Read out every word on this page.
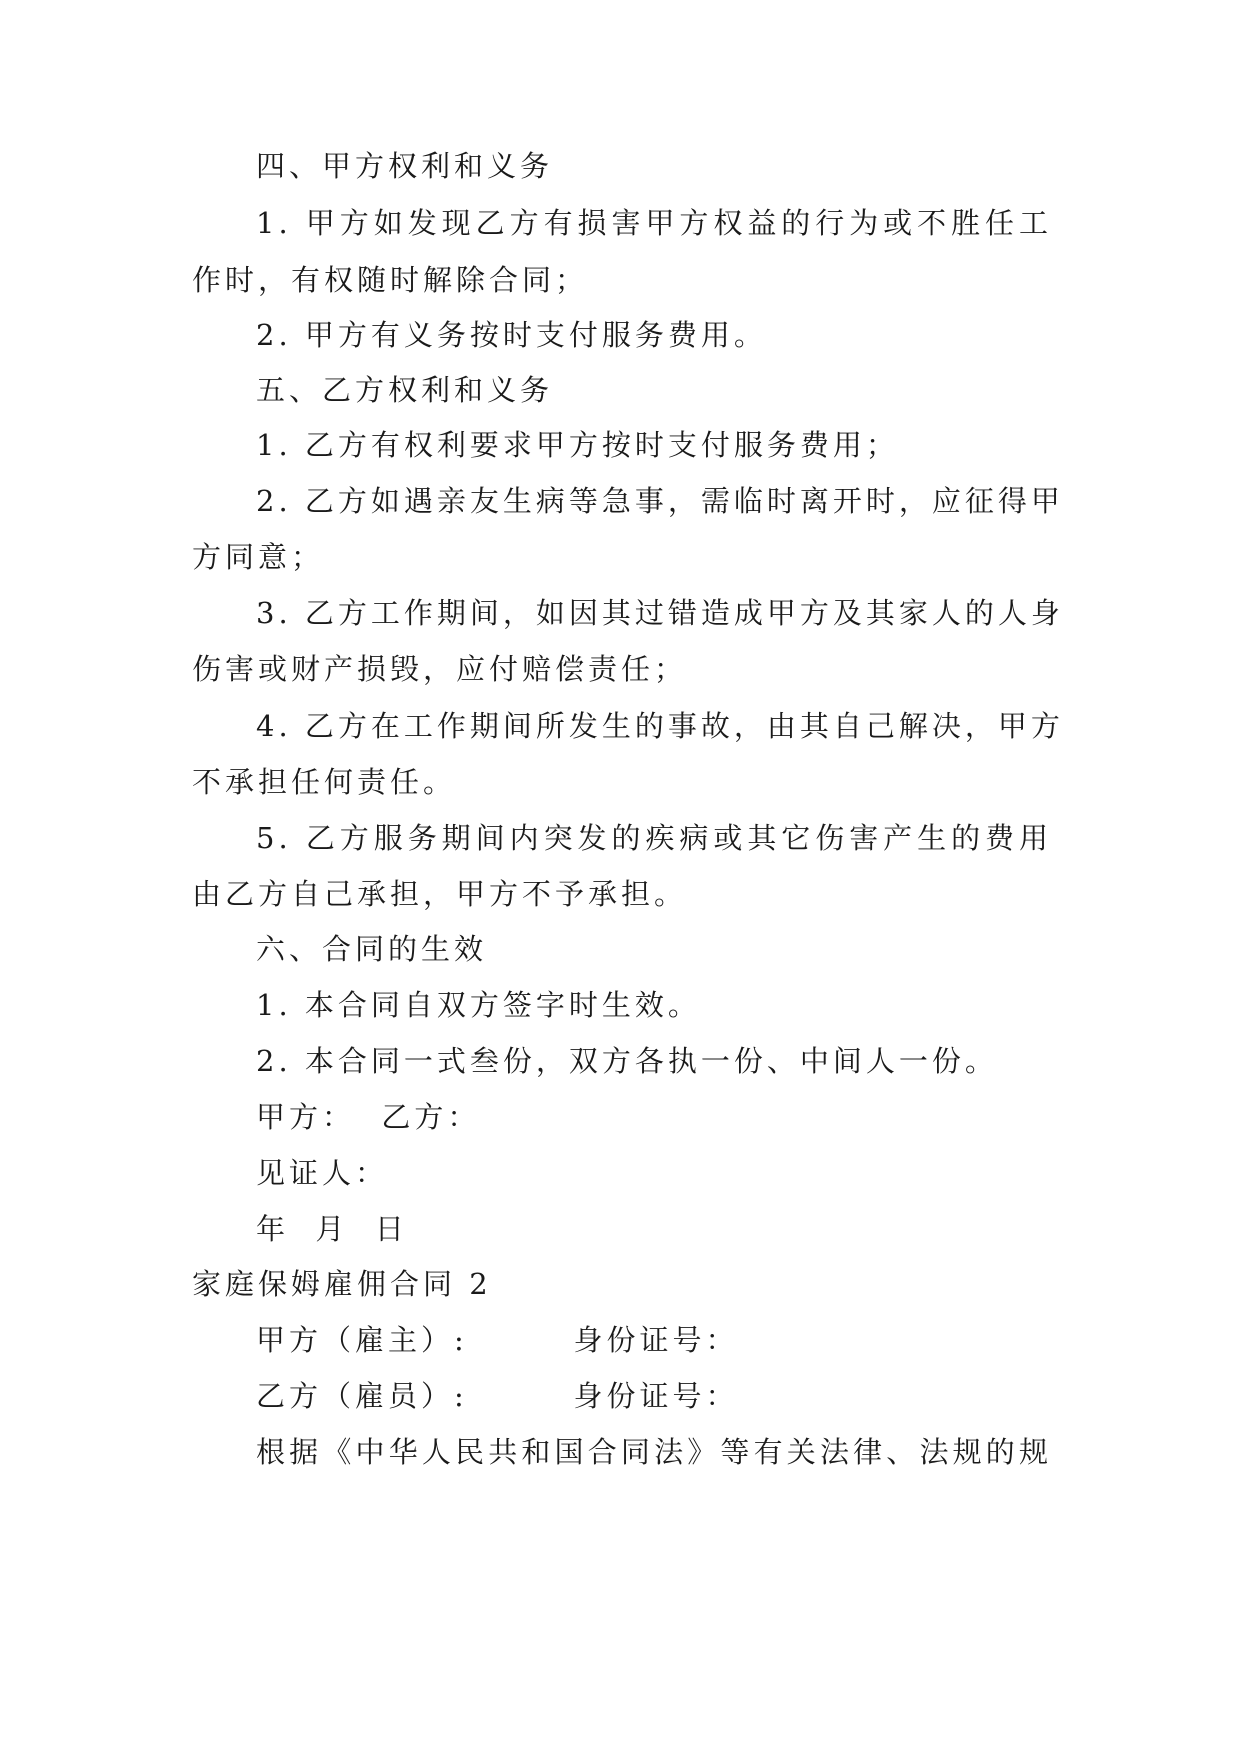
四、甲方权利和义务
1. 甲方如发现乙方有损害甲方权益的行为或不胜任工
作时，有权随时解除合同；
2. 甲方有义务按时支付服务费用。
五、乙方权利和义务
1. 乙方有权利要求甲方按时支付服务费用；
2. 乙方如遇亲友生病等急事，需临时离开时，应征得甲
方同意；
3. 乙方工作期间，如因其过错造成甲方及其家人的人身
伤害或财产损毁，应付赔偿责任；
4. 乙方在工作期间所发生的事故，由其自己解决，甲方
不承担任何责任。
5. 乙方服务期间内突发的疾病或其它伤害产生的费用
由乙方自己承担，甲方不予承担。
六、合同的生效
1. 本合同自双方签字时生效。
2. 本合同一式叁份，双方各执一份、中间人一份。
甲方：  乙方：
见证人：
年  月  日
家庭保姆雇佣合同 2
甲方（雇主）:        身份证号：
乙方（雇员）:        身份证号：
根据《中华人民共和国合同法》等有关法律、法规的规
